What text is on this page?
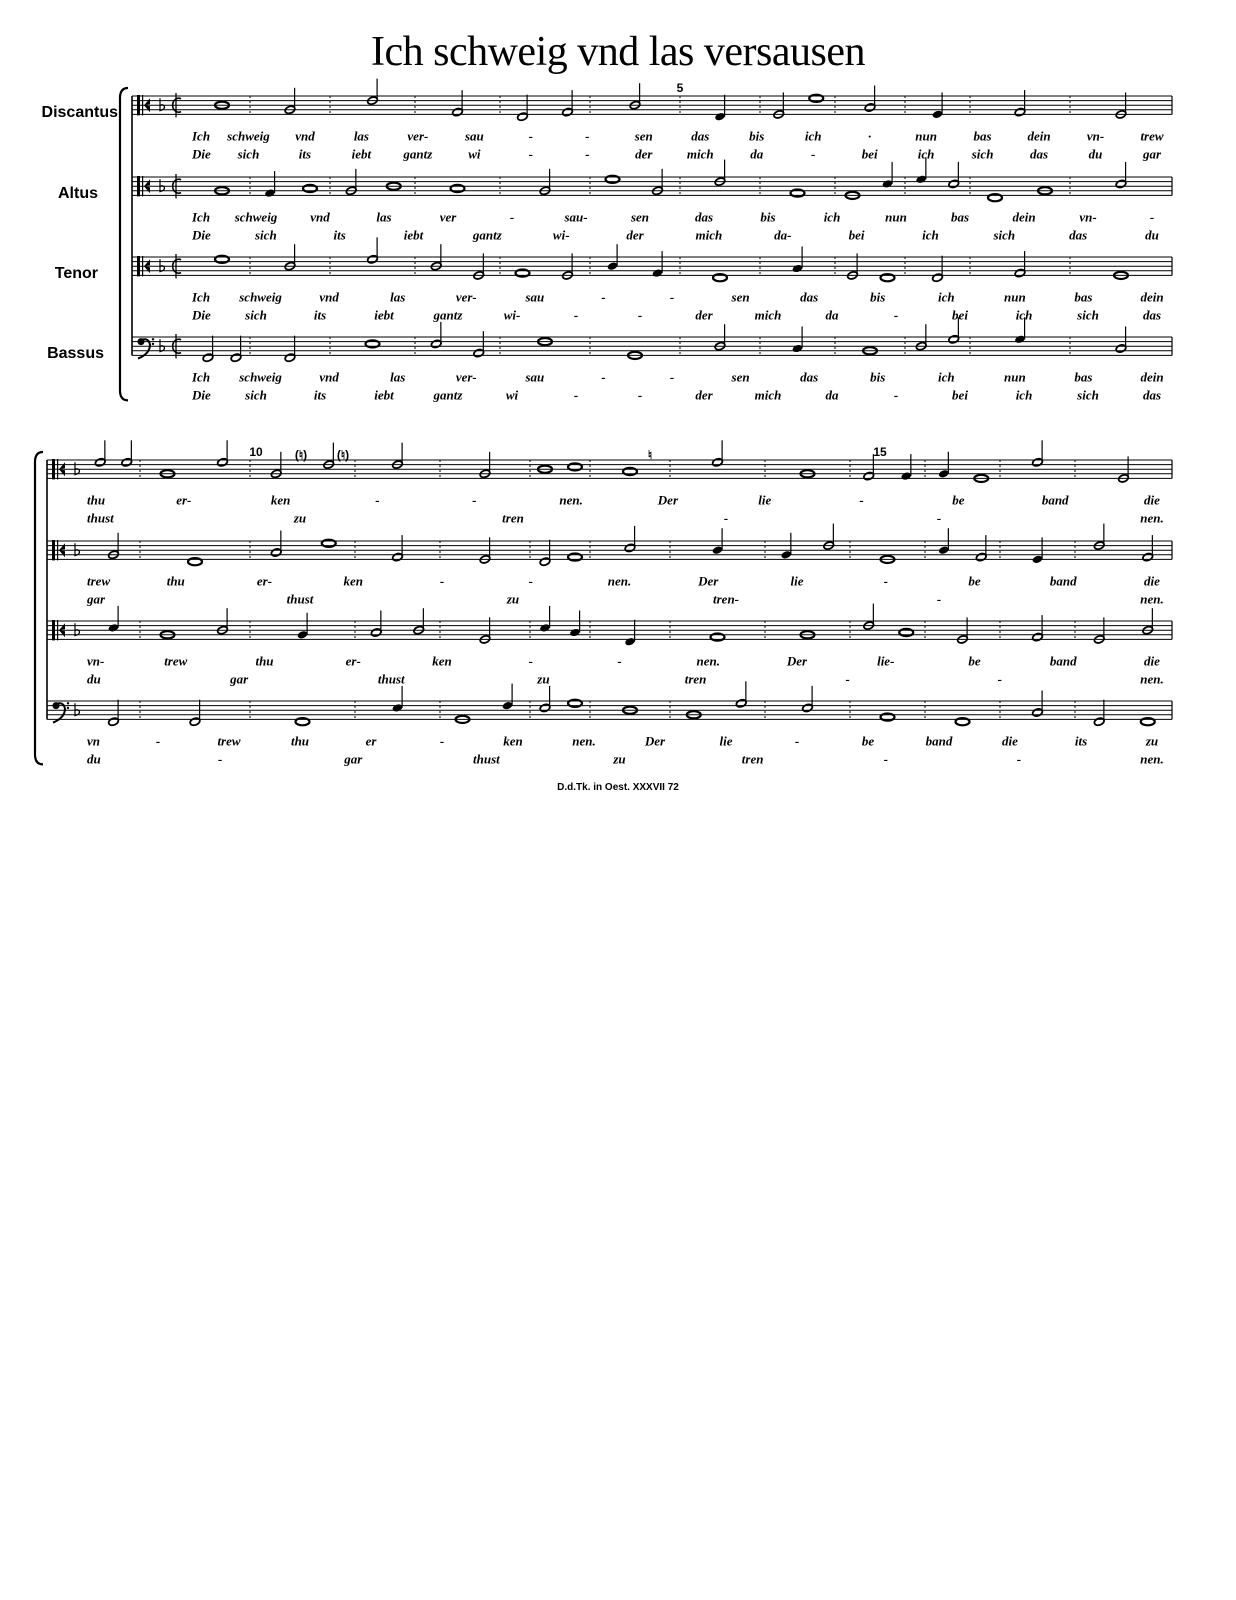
Ich schweig vnd las versausen
Discantus
Altus
Tenor
Bassus
Ich schweig vnd	las	ver-	sau	-	-	sen	das	bis	ich	·	nun	bas	dein	vn-	trew
Die sich	its	iebt gantz	wi	-	-	der	mich	da	-	bei	ich	sich	das	du	gar
Ich schweig	vnd	las	ver	-	sau-	sen	das	bis	ich	nun	bas	dein	vn-	-
Die	sich	its	iebt	gantz	wi-	der	mich	da-	bei	ich	sich	das	du
Ich schweig	vnd	las	ver-	sau	-	-	sen	das	bis	ich	nun	bas	dein
Die	sich	its	iebt	gantz	wi-	-	-	der	mich	da	-	bei	ich	sich	das
Ich schweig	vnd	las	ver-	sau	-	-	sen	das	bis	ich	nun	bas	dein
Die	sich	its	iebt	gantz	wi	-	-	der	mich	da	-	bei	ich	sich	das
thu	er-	ken	-	-	nen.	Der	lie	-	be	band	die
thust	zu	tren	-	-	nen.
trew	thu	er-	ken	-	-	nen.	Der	lie	-	be	band	die
gar	thust	zu	tren-	-	nen.
vn-	trew	thu	er-	ken	-	-	nen.	Der	lie-	be	band	die
du	gar	thust	zu	tren	-	-	nen.
vn	-	trew	thu	er	-	ken	nen.	Der	lie	-	be	band	die	its	zu
du	-	gar	thust	zu	tren	-	-	nen.
5
10	15
(♮) (♮)	♮
D.d.Tk. in Oest. XXXVII 72
